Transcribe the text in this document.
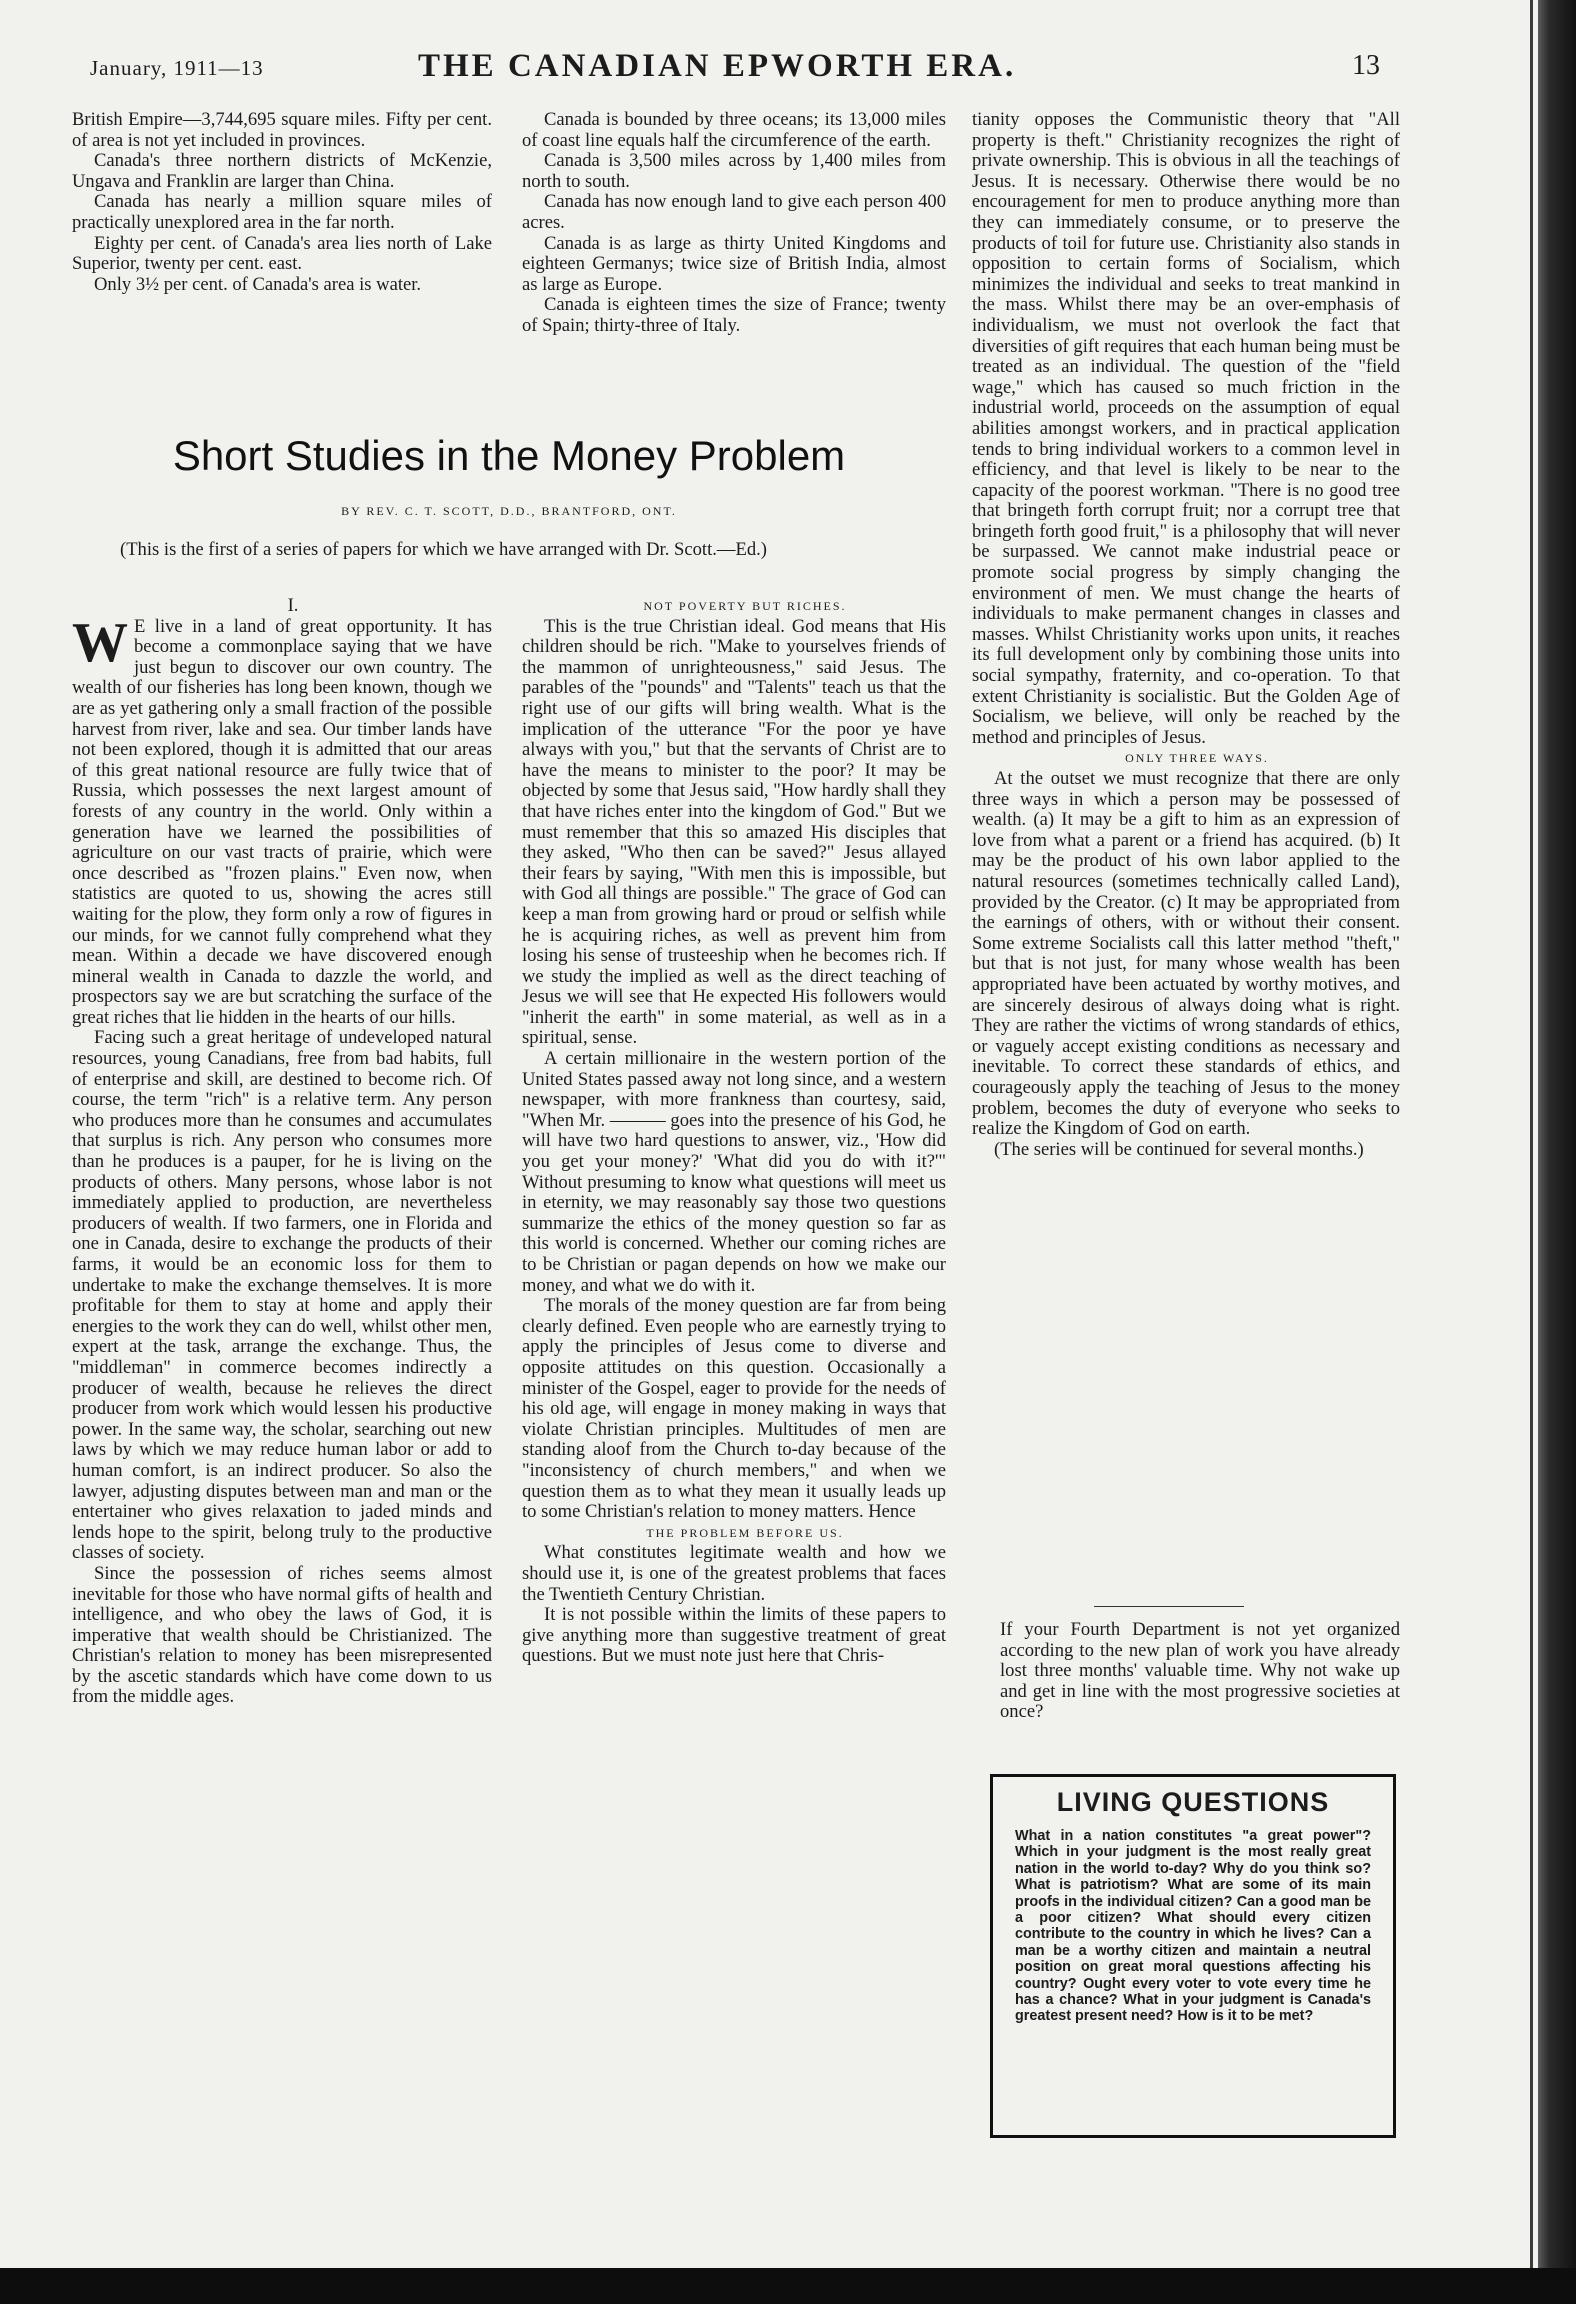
January, 1911—13	THE CANADIAN EPWORTH ERA.	13

British Empire—3,744,695 square miles. Fifty per cent. of area is not yet included in provinces.

Canada's three northern districts of McKenzie, Ungava and Franklin are larger than China.

Canada has nearly a million square miles of practically unexplored area in the far north.

Eighty per cent. of Canada's area lies north of Lake Superior, twenty per cent. east.

Only 3½ per cent. of Canada's area is water.

Canada is bounded by three oceans; its 13,000 miles of coast line equals half the circumference of the earth.

Canada is 3,500 miles across by 1,400 miles from north to south.

Canada has now enough land to give each person 400 acres.

Canada is as large as thirty United Kingdoms and eighteen Germanys; twice size of British India, almost as large as Europe.

Canada is eighteen times the size of France; twenty of Spain; thirty-three of Italy.

Short Studies in the Money Problem
BY REV. C. T. SCOTT, D.D., BRANTFORD, ONT.
(This is the first of a series of papers for which we have arranged with Dr. Scott.—Ed.)

I.

W E live in a land of great opportunity. It has become a commonplace saying that we have just begun to discover our own country. The wealth of our fisheries has long been known, though we are as yet gathering only a small fraction of the possible harvest from river, lake and sea. Our timber lands have not been explored, though it is admitted that our areas of this great national resource are fully twice that of Russia, which possesses the next largest amount of forests of any country in the world. Only within a generation have we learned the possibilities of agriculture on our vast tracts of prairie, which were once described as "frozen plains." Even now, when statistics are quoted to us, showing the acres still waiting for the plow, they form only a row of figures in our minds, for we cannot fully comprehend what they mean. Within a decade we have discovered enough mineral wealth in Canada to dazzle the world, and prospectors say we are but scratching the surface of the great riches that lie hidden in the hearts of our hills.

Facing such a great heritage of undeveloped natural resources, young Canadians, free from bad habits, full of enterprise and skill, are destined to become rich. Of course, the term "rich" is a relative term. Any person who produces more than he consumes and accumulates that surplus is rich. Any person who consumes more than he produces is a pauper, for he is living on the products of others. Many persons, whose labor is not immediately applied to production, are nevertheless producers of wealth. If two farmers, one in Florida and one in Canada, desire to exchange the products of their farms, it would be an economic loss for them to undertake to make the exchange themselves. It is more profitable for them to stay at home and apply their energies to the work they can do well, whilst other men, expert at the task, arrange the exchange. Thus, the "middleman" in commerce becomes indirectly a producer of wealth, because he relieves the direct producer from work which would lessen his productive power. In the same way, the scholar, searching out new laws by which we may reduce human labor or add to human comfort, is an indirect producer. So also the lawyer, adjusting disputes between man and man or the entertainer who gives relaxation to jaded minds and lends hope to the spirit, belong truly to the productive classes of society.

Since the possession of riches seems almost inevitable for those who have normal gifts of health and intelligence, and who obey the laws of God, it is imperative that wealth should be Christianized. The Christian's relation to money has been misrepresented by the ascetic standards which have come down to us from the middle ages.

NOT POVERTY BUT RICHES.

This is the true Christian ideal. God means that His children should be rich. "Make to yourselves friends of the mammon of unrighteousness," said Jesus. The parables of the "pounds" and "Talents" teach us that the right use of our gifts will bring wealth. What is the implication of the utterance "For the poor ye have always with you," but that the servants of Christ are to have the means to minister to the poor? It may be objected by some that Jesus said, "How hardly shall they that have riches enter into the kingdom of God." But we must remember that this so amazed His disciples that they asked, "Who then can be saved?" Jesus allayed their fears by saying, "With men this is impossible, but with God all things are possible." The grace of God can keep a man from growing hard or proud or selfish while he is acquiring riches, as well as prevent him from losing his sense of trusteeship when he becomes rich. If we study the implied as well as the direct teaching of Jesus we will see that He expected His followers would "inherit the earth" in some material, as well as in a spiritual, sense.

A certain millionaire in the western portion of the United States passed away not long since, and a western newspaper, with more frankness than courtesy, said, "When Mr. ——— goes into the presence of his God, he will have two hard questions to answer, viz., 'How did you get your money?' 'What did you do with it?'" Without presuming to know what questions will meet us in eternity, we may reasonably say those two questions summarize the ethics of the money question so far as this world is concerned. Whether our coming riches are to be Christian or pagan depends on how we make our money, and what we do with it.

The morals of the money question are far from being clearly defined. Even people who are earnestly trying to apply the principles of Jesus come to diverse and opposite attitudes on this question. Occasionally a minister of the Gospel, eager to provide for the needs of his old age, will engage in money making in ways that violate Christian principles. Multitudes of men are standing aloof from the Church to-day because of the "inconsistency of church members," and when we question them as to what they mean it usually leads up to some Christian's relation to money matters. Hence

THE PROBLEM BEFORE US.

What constitutes legitimate wealth and how we should use it, is one of the greatest problems that faces the Twentieth Century Christian.

It is not possible within the limits of these papers to give anything more than suggestive treatment of great questions. But we must note just here that Chris-

tianity opposes the Communistic theory that "All property is theft." Christianity recognizes the right of private ownership. This is obvious in all the teachings of Jesus. It is necessary. Otherwise there would be no encouragement for men to produce anything more than they can immediately consume, or to preserve the products of toil for future use. Christianity also stands in opposition to certain forms of Socialism, which minimizes the individual and seeks to treat mankind in the mass. Whilst there may be an over-emphasis of individualism, we must not overlook the fact that diversities of gift requires that each human being must be treated as an individual. The question of the "field wage," which has caused so much friction in the industrial world, proceeds on the assumption of equal abilities amongst workers, and in practical application tends to bring individual workers to a common level in efficiency, and that level is likely to be near to the capacity of the poorest workman. "There is no good tree that bringeth forth corrupt fruit; nor a corrupt tree that bringeth forth good fruit," is a philosophy that will never be surpassed. We cannot make industrial peace or promote social progress by simply changing the environment of men. We must change the hearts of individuals to make permanent changes in classes and masses. Whilst Christianity works upon units, it reaches its full development only by combining those units into social sympathy, fraternity, and co-operation. To that extent Christianity is socialistic. But the Golden Age of Socialism, we believe, will only be reached by the method and principles of Jesus.

ONLY THREE WAYS.

At the outset we must recognize that there are only three ways in which a person may be possessed of wealth. (a) It may be a gift to him as an expression of love from what a parent or a friend has acquired. (b) It may be the product of his own labor applied to the natural resources (sometimes technically called Land), provided by the Creator. (c) It may be appropriated from the earnings of others, with or without their consent. Some extreme Socialists call this latter method "theft," but that is not just, for many whose wealth has been appropriated have been actuated by worthy motives, and are sincerely desirous of always doing what is right. They are rather the victims of wrong standards of ethics, or vaguely accept existing conditions as necessary and inevitable. To correct these standards of ethics, and courageously apply the teaching of Jesus to the money problem, becomes the duty of everyone who seeks to realize the Kingdom of God on earth.

(The series will be continued for several months.)

If your Fourth Department is not yet organized according to the new plan of work you have already lost three months' valuable time. Why not wake up and get in line with the most progressive societies at once?
LIVING QUESTIONS
What in a nation constitutes "a great power"? Which in your judgment is the most really great nation in the world to-day? Why do you think so? What is patriotism? What are some of its main proofs in the individual citizen? Can a good man be a poor citizen? What should every citizen contribute to the country in which he lives? Can a man be a worthy citizen and maintain a neutral position on great moral questions affecting his country? Ought every voter to vote every time he has a chance? What in your judgment is Canada's greatest present need? How is it to be met?
